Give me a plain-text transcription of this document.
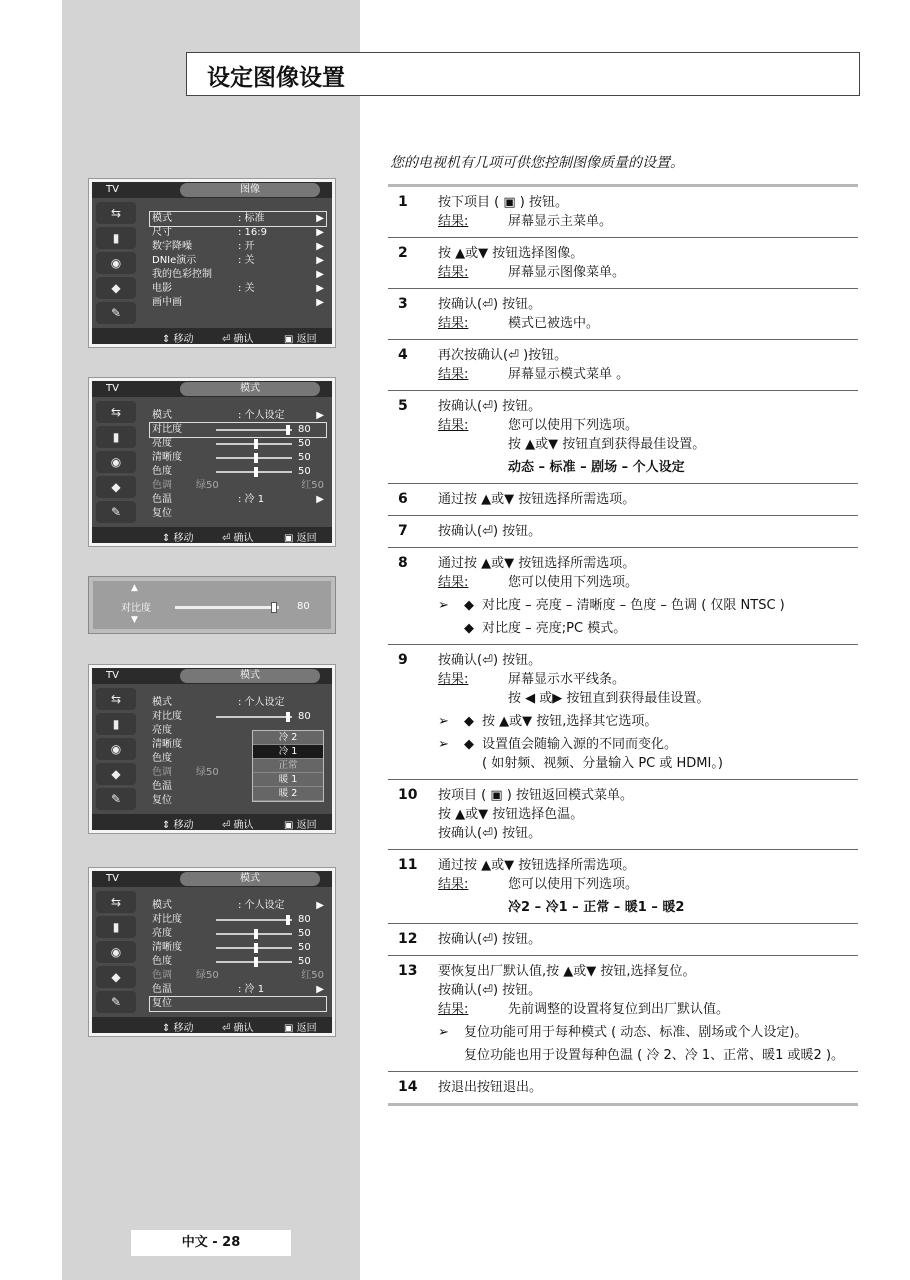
设定图像设置
您的电视机有几项可供您控制图像质量的设置。
TV	图像
⇆
▮
◉
◆
✎
模式	: 标准	▶
尺寸	: 16:9	▶
数字降噪	: 开	▶
DNIe演示	: 关	▶
我的色彩控制	▶
电影	: 关	▶
画中画	▶
⇕ 移动	⏎ 确认	▣ 返回
TV	模式
⇆
▮
◉
◆
✎
模式	: 个人设定	▶
对比度	80
亮度	50
清晰度	50
色度	50
色调 绿50	红50
色温	: 冷 1	▶
复位
⇕ 移动	⏎ 确认	▣ 返回
▲
对比度
▼
80
TV	模式
⇆
▮
◉
◆
✎
模式	: 个人设定
对比度	80
亮度
清晰度
色度
色调 绿50
色温
复位
冷 2
冷 1
正常
暖 1
暖 2
⇕ 移动	⏎ 确认	▣ 返回
TV	模式
⇆
▮
◉
◆
✎
模式	: 个人设定	▶
对比度	80
亮度	50
清晰度	50
色度	50
色调 绿50	红50
色温	: 冷 1	▶
复位
⇕ 移动	⏎ 确认	▣ 返回
1 按下项目 ( ▣ ) 按钮。
结果:	屏幕显示主菜单。
2 按 ▲或▼ 按钮选择图像。
结果:	屏幕显示图像菜单。
3 按确认(⏎) 按钮。
结果:	模式已被选中。
4 再次按确认(⏎ )按钮。
结果:	屏幕显示模式菜单 。
5 按确认(⏎) 按钮。
结果:	您可以使用下列选项。
按 ▲或▼ 按钮直到获得最佳设置。
动态 – 标准 – 剧场 – 个人设定
6 通过按 ▲或▼ 按钮选择所需选项。
7 按确认(⏎) 按钮。
8 通过按 ▲或▼ 按钮选择所需选项。
结果:	您可以使用下列选项。
➢	◆ 对比度 – 亮度 – 清晰度 – 色度 – 色调 ( 仅限 NTSC )
◆ 对比度 – 亮度;PC 模式。
9 按确认(⏎) 按钮。
结果:	屏幕显示水平线条。
按 ◀ 或▶ 按钮直到获得最佳设置。
➢	◆ 按 ▲或▼ 按钮,选择其它选项。
➢	◆ 设置值会随输入源的不同而变化。
( 如射频、视频、分量输入 PC 或 HDMI。)
10 按项目 ( ▣ ) 按钮返回模式菜单。
按 ▲或▼ 按钮选择色温。
按确认(⏎) 按钮。
11 通过按 ▲或▼ 按钮选择所需选项。
结果:	您可以使用下列选项。
冷2 – 冷1 – 正常 – 暖1 – 暖2
12 按确认(⏎) 按钮。
13 要恢复出厂默认值,按 ▲或▼ 按钮,选择复位。
按确认(⏎) 按钮。
结果:	先前调整的设置将复位到出厂默认值。
➢	复位功能可用于每种模式 ( 动态、标准、剧场或个人设定)。
复位功能也用于设置每种色温 ( 冷 2、冷 1、正常、暖1 或暖2 )。
14 按退出按钮退出。
中文 - 28
